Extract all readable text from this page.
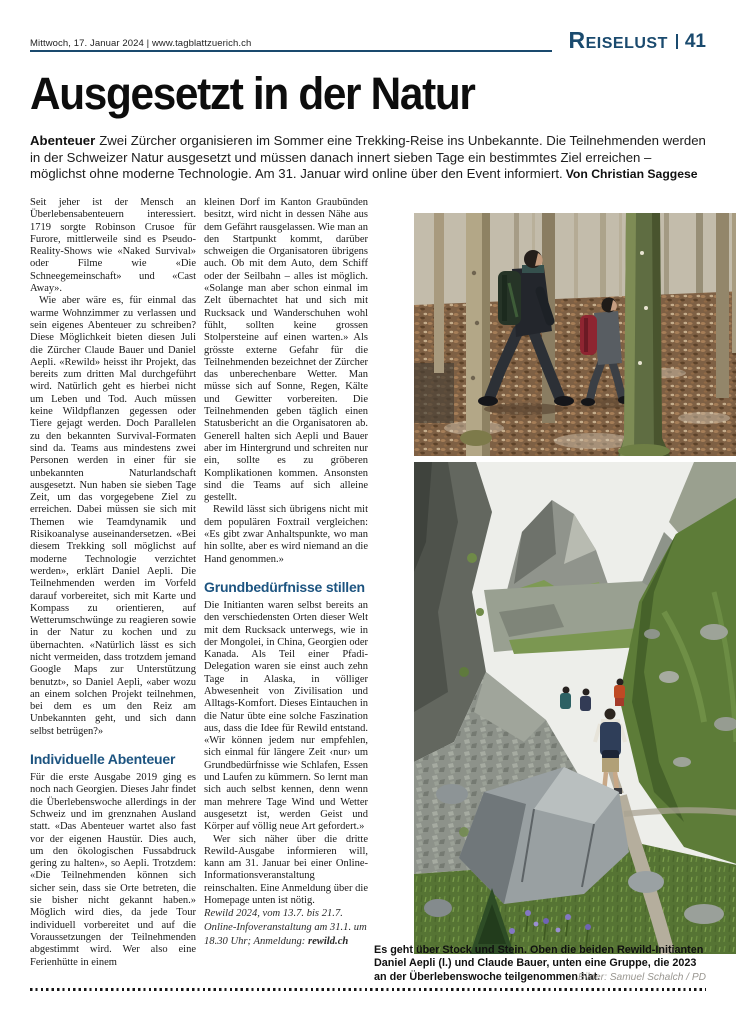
Mittwoch, 17. Januar 2024 | www.tagblattzuerich.ch	Reiselust 41
Ausgesetzt in der Natur

Abenteuer Zwei Zürcher organisieren im Sommer eine Trekking-Reise ins Unbekannte. Die Teilnehmenden werden in der Schweizer Natur ausgesetzt und müssen danach innert sieben Tage ein bestimmtes Ziel erreichen – möglichst ohne moderne Technologie. Am 31. Januar wird online über den Event informiert. Von Christian Saggese

Seit jeher ist der Mensch an Überlebensabenteuern interessiert. 1719 sorgte Robinson Crusoe für Furore, mittlerweile sind es Pseudo-Reality-Shows wie «Naked Survival» oder Filme wie «Die Schneegemeinschaft» und «Cast Away».

Wie aber wäre es, für einmal das warme Wohnzimmer zu verlassen und sein eigenes Abenteuer zu schreiben? Diese Möglichkeit bieten diesen Juli die Zürcher Claude Bauer und Daniel Aepli. «Rewild» heisst ihr Projekt, das bereits zum dritten Mal durchgeführt wird. Natürlich geht es hierbei nicht um Leben und Tod. Auch müssen keine Wildpflanzen gegessen oder Tiere gejagt werden. Doch Parallelen zu den bekannten Survival-Formaten sind da. Teams aus mindestens zwei Personen werden in einer für sie unbekannten Naturlandschaft ausgesetzt. Nun haben sie sieben Tage Zeit, um das vorgegebene Ziel zu erreichen. Dabei müssen sie sich mit Themen wie Teamdynamik und Risikoanalyse auseinandersetzen. «Bei diesem Trekking soll möglichst auf moderne Technologie verzichtet werden», erklärt Daniel Aepli. Die Teilnehmenden werden im Vorfeld darauf vorbereitet, sich mit Karte und Kompass zu orientieren, auf Wetterumschwünge zu reagieren sowie in der Natur zu kochen und zu übernachten. «Natürlich lässt es sich nicht vermeiden, dass trotzdem jemand Google Maps zur Unterstützung benutzt», so Daniel Aepli, «aber wozu an einem solchen Projekt teilnehmen, bei dem es um den Reiz am Unbekannten geht, und sich dann selbst betrügen?»

Individuelle Abenteuer

Für die erste Ausgabe 2019 ging es noch nach Georgien. Dieses Jahr findet die Überlebenswoche allerdings in der Schweiz und im grenznahen Ausland statt. «Das Abenteuer wartet also fast vor der eigenen Haustür. Dies auch, um den ökologischen Fussabdruck gering zu halten», so Aepli. Trotzdem: «Die Teilnehmenden können sich sicher sein, dass sie Orte betreten, die sie bisher nicht gekannt haben.» Möglich wird dies, da jede Tour individuell vorbereitet und auf die Voraussetzungen der Teilnehmenden abgestimmt wird. Wer also eine Ferienhütte in einem

kleinen Dorf im Kanton Graubünden besitzt, wird nicht in dessen Nähe aus dem Gefährt rausgelassen. Wie man an den Startpunkt kommt, darüber schweigen die Organisatoren übrigens auch. Ob mit dem Auto, dem Schiff oder der Seilbahn – alles ist möglich. «Solange man aber schon einmal im Zelt übernachtet hat und sich mit Rucksack und Wanderschuhen wohl fühlt, sollten keine grossen Stolpersteine auf einen warten.» Als grösste externe Gefahr für die Teilnehmenden bezeichnet der Zürcher das unberechenbare Wetter. Man müsse sich auf Sonne, Regen, Kälte und Gewitter vorbereiten. Die Teilnehmenden geben täglich einen Statusbericht an die Organisatoren ab. Generell halten sich Aepli und Bauer aber im Hintergrund und schreiten nur ein, sollte es zu gröberen Komplikationen kommen. Ansonsten sind die Teams auf sich alleine gestellt.

Rewild lässt sich übrigens nicht mit dem populären Foxtrail vergleichen: «Es gibt zwar Anhaltspunkte, wo man hin sollte, aber es wird niemand an die Hand genommen.»

Grundbedürfnisse stillen

Die Initianten waren selbst bereits an den verschiedensten Orten dieser Welt mit dem Rucksack unterwegs, wie in der Mongolei, in China, Georgien oder Kanada. Als Teil einer Pfadi-Delegation waren sie einst auch zehn Tage in Alaska, in völliger Abwesenheit von Zivilisation und Alltags-Komfort. Dieses Eintauchen in die Natur übte eine solche Faszination aus, dass die Idee für Rewild entstand. «Wir können jedem nur empfehlen, sich einmal für längere Zeit ‹nur› um Grundbedürfnisse wie Schlafen, Essen und Laufen zu kümmern. So lernt man sich auch selbst kennen, denn wenn man mehrere Tage Wind und Wetter ausgesetzt ist, werden Geist und Körper auf völlig neue Art gefordert.»

Wer sich näher über die dritte Rewild-Ausgabe informieren will, kann am 31. Januar bei einer Online-Informationsveranstaltung reinschalten. Eine Anmeldung über die Homepage unten ist nötig.

Rewild 2024, vom 13.7. bis 21.7. Online-Infoveranstaltung am 31.1. um 18.30 Uhr; Anmeldung: rewild.ch

Es geht über Stock und Stein. Oben die beiden Rewild-Initianten Daniel Aepli (l.) und Claude Bauer, unten eine Gruppe, die 2023 an der Überlebenswoche teilgenommen hat.
Bilder: Samuel Schalch / PD
